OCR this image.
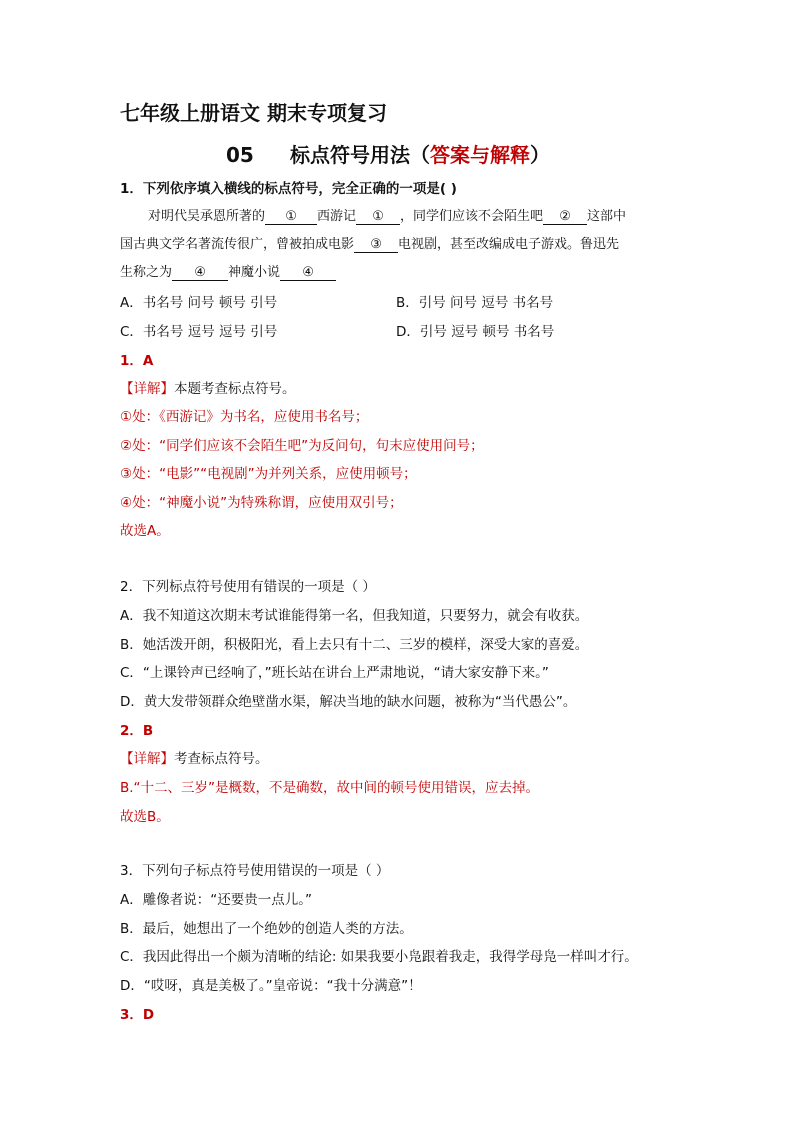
七年级上册语文 期末专项复习
05 标点符号用法（答案与解释）
1．下列依序填入横线的标点符号，完全正确的一项是( )
对明代吴承恩所著的 ① 西游记 ① ，同学们应该不会陌生吧 ② 这部中
国古典文学名著流传很广，曾被拍成电影 ③ 电视剧，甚至改编成电子游戏。鲁迅先
生称之为 ④ 神魔小说 ④
A．书名号 问号 顿号 引号	B．引号 问号 逗号 书名号
C．书名号 逗号 逗号 引号	D．引号 逗号 顿号 书名号
1．A
【详解】本题考查标点符号。
①处：《西游记》为书名，应使用书名号；
②处：“同学们应该不会陌生吧”为反问句，句末应使用问号；
③处：“电影”“电视剧”为并列关系，应使用顿号；
④处：“神魔小说”为特殊称谓，应使用双引号；
故选A。
2．下列标点符号使用有错误的一项是（ ）
A．我不知道这次期末考试谁能得第一名，但我知道，只要努力，就会有收获。
B．她活泼开朗，积极阳光，看上去只有十二、三岁的模样，深受大家的喜爱。
C．“上课铃声已经响了，”班长站在讲台上严肃地说，“请大家安静下来。”
D．黄大发带领群众绝壁凿水渠，解决当地的缺水问题，被称为“当代愚公”。
2．B
【详解】考查标点符号。
B.“十二、三岁”是概数，不是确数，故中间的顿号使用错误，应去掉。
故选B。
3．下列句子标点符号使用错误的一项是（ ）
A．雕像者说：“还要贵一点儿。”
B．最后，她想出了一个绝妙的创造人类的方法。
C．我因此得出一个颇为清晰的结论: 如果我要小凫跟着我走，我得学母凫一样叫才行。
D．“哎呀，真是美极了。”皇帝说：“我十分满意”！
3．D
